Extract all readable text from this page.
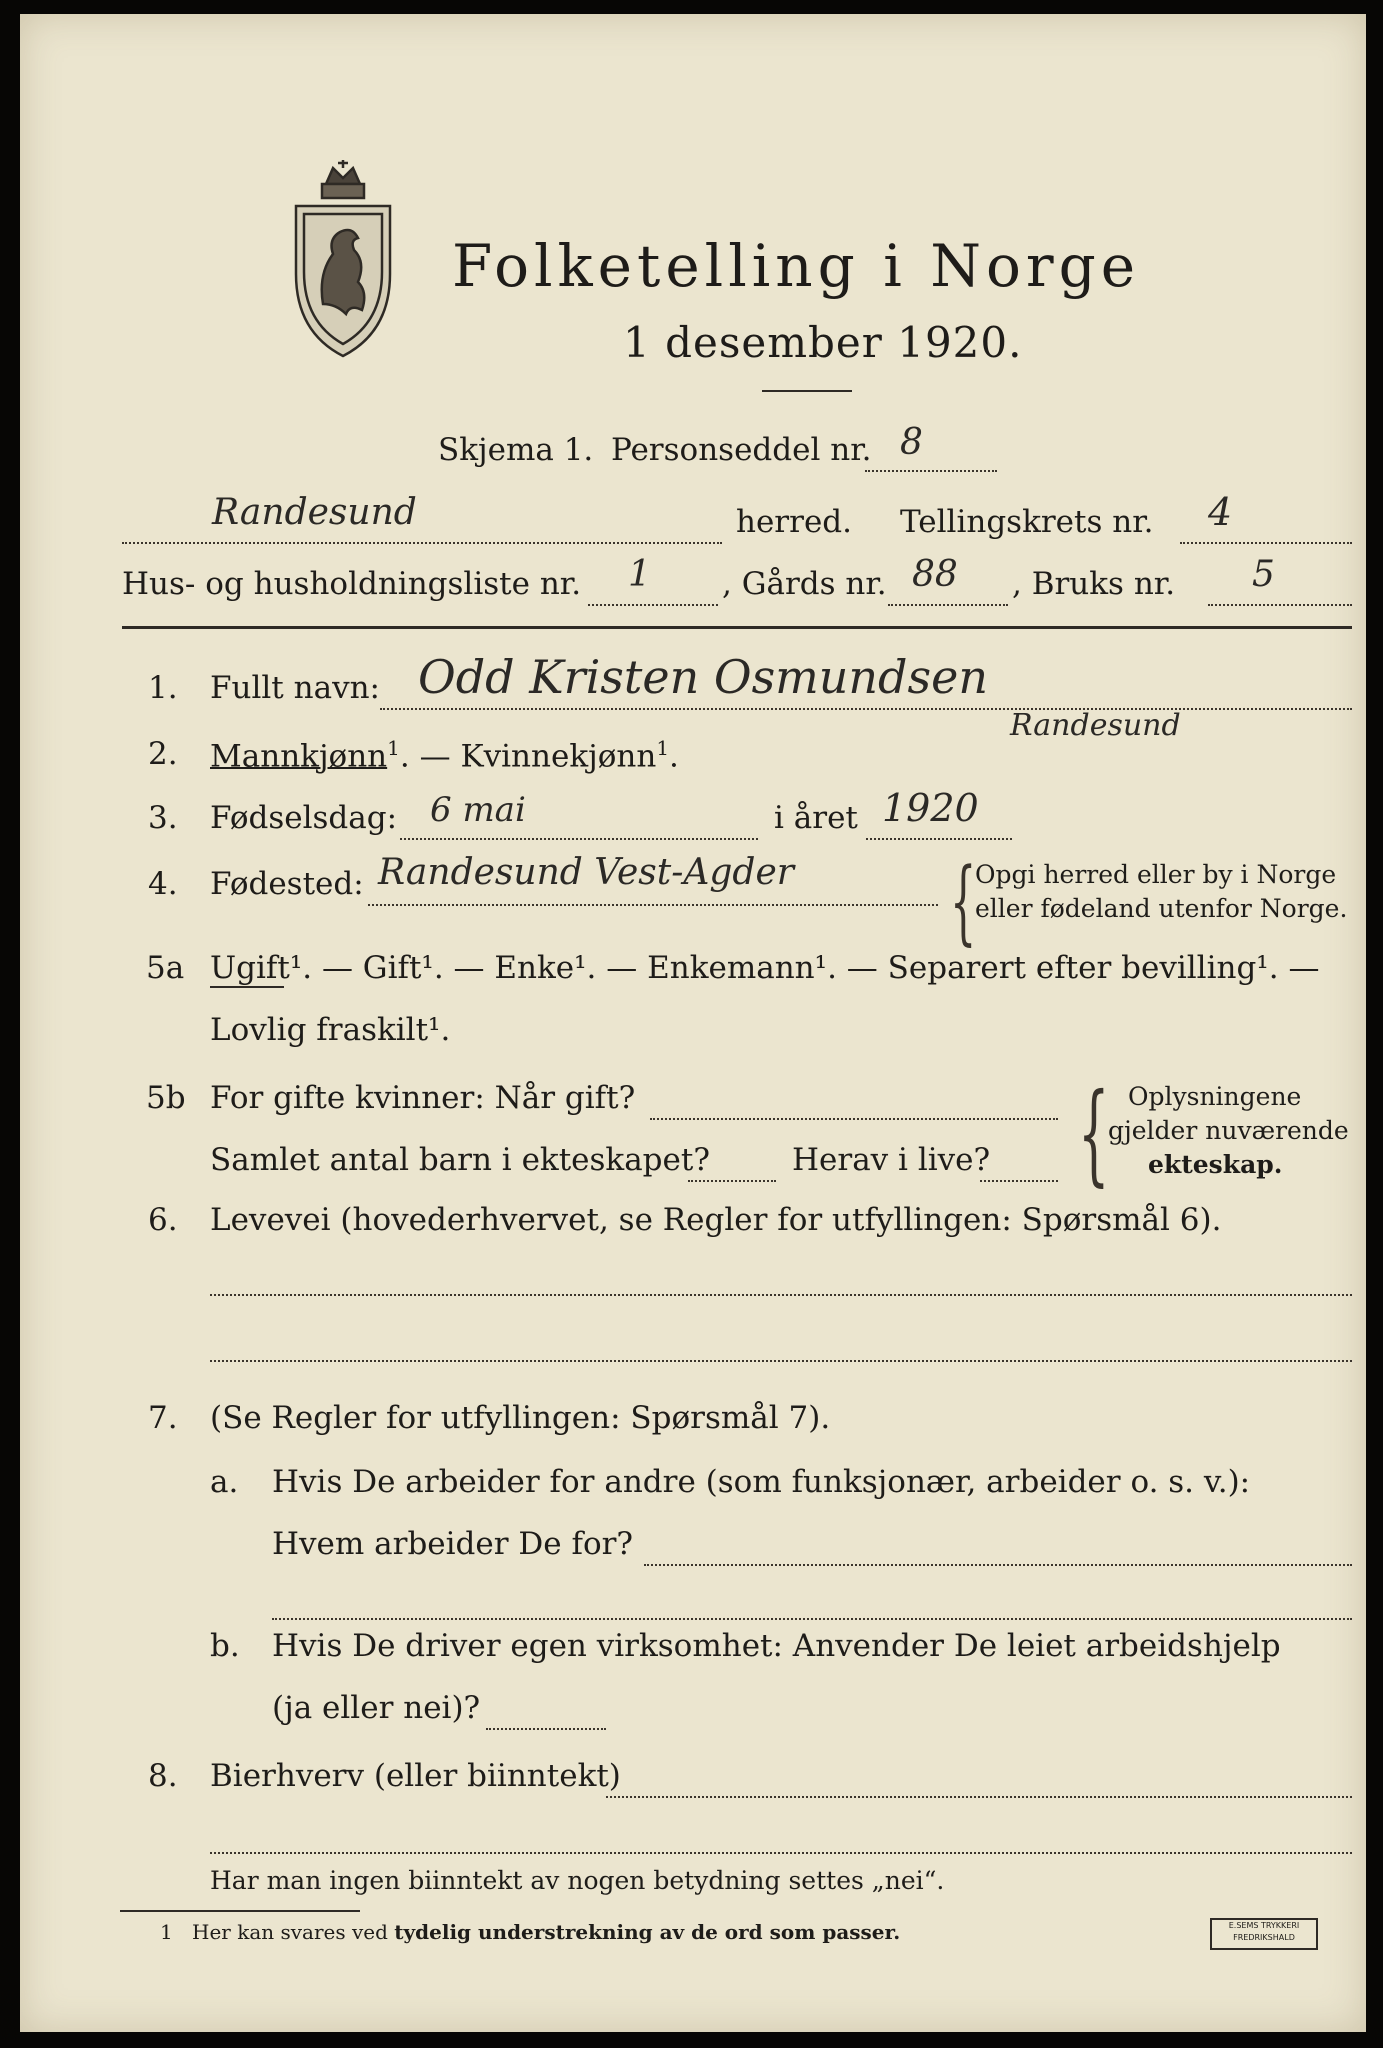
Folketelling i Norge
1 desember 1920.
Skjema 1. Personseddel nr. 8
Randesund	herred. Tellingskrets nr. 4
Hus- og husholdningsliste nr. 1 , Gårds nr. 88 , Bruks nr. 5
1. Fullt navn: Odd Kristen Osmundsen
Randesund
2. Mannkjønn$^1$. — Kvinnekjønn$^1$.
3. Fødselsdag: 6 mai	i året 1920
4. Fødested: Randesund Vest-Agder {
Opgi herred eller by i Norge
eller fødeland utenfor Norge.
5a Ugift¹. — Gift¹. — Enke¹. — Enkemann¹. — Separert efter bevilling¹. —
Lovlig fraskilt¹.
5b For gifte kvinner: Når gift?
Samlet antal barn i ekteskapet?	Herav i live? { Oplysningene
gjelder nuværende
ekteskap.
6. Levevei (hovederhvervet, se Regler for utfyllingen: Spørsmål 6).
7. (Se Regler for utfyllingen: Spørsmål 7).
a. Hvis De arbeider for andre (som funksjonær, arbeider o. s. v.):
Hvem arbeider De for?
b. Hvis De driver egen virksomhet: Anvender De leiet arbeidshjelp
(ja eller nei)?
8. Bierhverv (eller biinntekt)
Har man ingen biinntekt av nogen betydning settes „nei“.
1 Her kan svares ved tydelig understrekning av de ord som passer.	E.SEMS TRYKKERI FREDRIKSHALD
